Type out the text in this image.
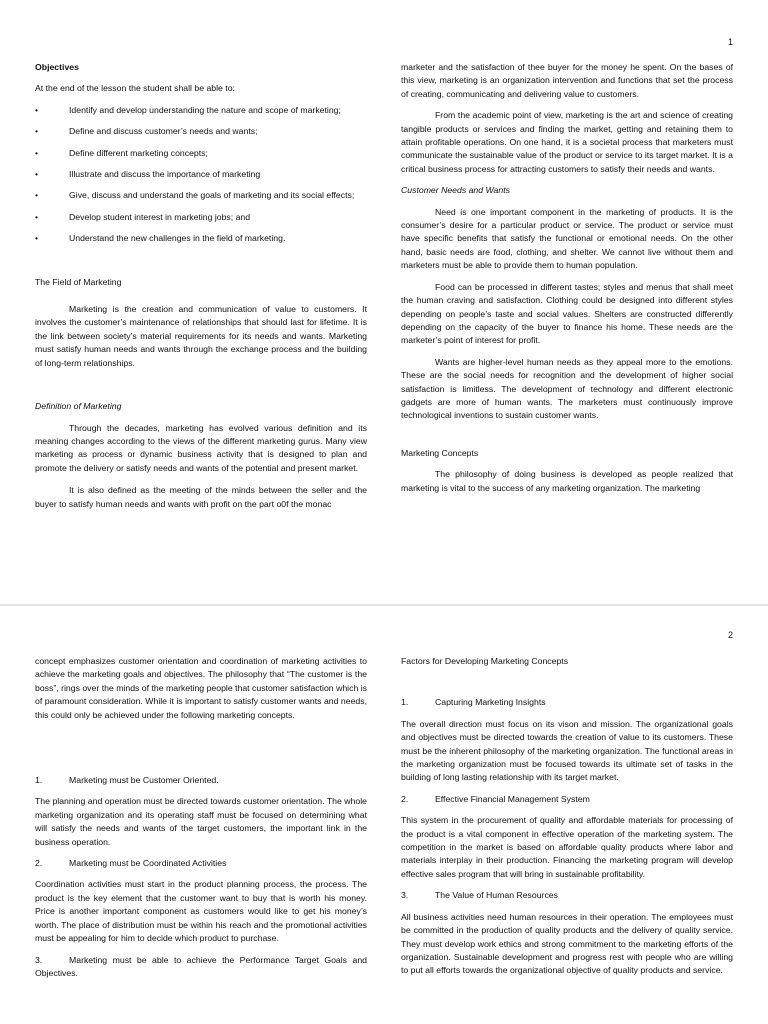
1

Objectives

At the end of the lesson the student shall be able to:

•	Identify and develop understanding the nature and scope of marketing;

•	Define and discuss customer’s needs and wants;

•	Define different marketing concepts;

•	Illustrate and discuss the importance of marketing

•	Give, discuss and understand the goals of marketing and its social effects;

•	Develop student interest in marketing jobs; and

•	Understand the new challenges in the field of marketing.

The Field of Marketing

Marketing is the creation and communication of value to customers. It involves the customer’s maintenance of relationships that should last for lifetime. It is the link between society’s material requirements for its needs and wants. Marketing must satisfy human needs and wants through the exchange process and the building of long-term relationships.

Definition of Marketing

Through the decades, marketing has evolved various definition and its meaning changes according to the views of the different marketing gurus. Many view marketing as process or dynamic business activity that is designed to plan and promote the delivery or satisfy needs and wants of the potential and present market.

It is also defined as the meeting of the minds between the seller and the buyer to satisfy human needs and wants with profit on the part o0f the monac

marketer and the satisfaction of thee buyer for the money he spent. On the bases of this view, marketing is an organization intervention and functions that set the process of creating, communicating and delivering value to customers.

From the academic point of view, marketing is the art and science of creating tangible products or services and finding the market, getting and retaining them to attain profitable operations. On one hand, it is a societal process that marketers must communicate the sustainable value of the product or service to its target market. It is a critical business process for attracting customers to satisfy their needs and wants.

Customer Needs and Wants

Need is one important component in the marketing of products. It is the consumer’s desire for a particular product or service. The product or service must have specific benefits that satisfy the functional or emotional needs. On the other hand, basic needs are food, clothing, and shelter. We cannot live without them and marketers must be able to provide them to human population.

Food can be processed in different tastes; styles and menus that shall meet the human craving and satisfaction. Clothing could be designed into different styles depending on people’s taste and social values. Shelters are constructed differently depending on the capacity of the buyer to finance his home. These needs are the marketer’s point of interest for profit.

Wants are higher-level human needs as they appeal more to the emotions. These are the social needs for recognition and the development of higher social satisfaction is limitless. The development of technology and different electronic gadgets are more of human wants. The marketers must continuously improve technological inventions to sustain customer wants.

Marketing Concepts

The philosophy of doing business is developed as people realized that marketing is vital to the success of any marketing organization. The marketing

2

concept emphasizes customer orientation and coordination of marketing activities to achieve the marketing goals and objectives. The philosophy that “The customer is the boss”, rings over the minds of the marketing people that customer satisfaction which is of paramount consideration. While it is important to satisfy customer wants and needs, this could only be achieved under the following marketing concepts.

1.	Marketing must be Customer Oriented.

The planning and operation must be directed towards customer orientation. The whole marketing organization and its operating staff must be focused on determining what will satisfy the needs and wants of the target customers, the important link in the business operation.

2.	Marketing must be Coordinated Activities

Coordination activities must start in the product planning process, the process. The product is the key element that the customer want to buy that is worth his money. Price is another important component as customers would like to get his money’s worth. The place of distribution must be within his reach and the promotional activities must be appealing for him to decide which product to purchase.

3.	Marketing must be able to achieve the Performance Target Goals and Objectives.

Factors for Developing Marketing Concepts

1.	Capturing Marketing Insights

The overall direction must focus on its vison and mission. The organizational goals and objectives must be directed towards the creation of value to its customers. These must be the inherent philosophy of the marketing organization. The functional areas in the marketing organization must be focused towards its ultimate set of tasks in the building of long lasting relationship with its target market.

2.	Effective Financial Management System

This system in the procurement of quality and affordable materials for processing of the product is a vital component in effective operation of the marketing system. The competition in the market is based on affordable quality products where labor and materials interplay in their production. Financing the marketing program will develop effective sales program that will bring in sustainable profitability.

3.	The Value of Human Resources

All business activities need human resources in their operation. The employees must be committed in the production of quality products and the delivery of quality service. They must develop work ethics and strong commitment to the marketing efforts of the organization. Sustainable development and progress rest with people who are willing to put all efforts towards the organizational objective of quality products and service.
